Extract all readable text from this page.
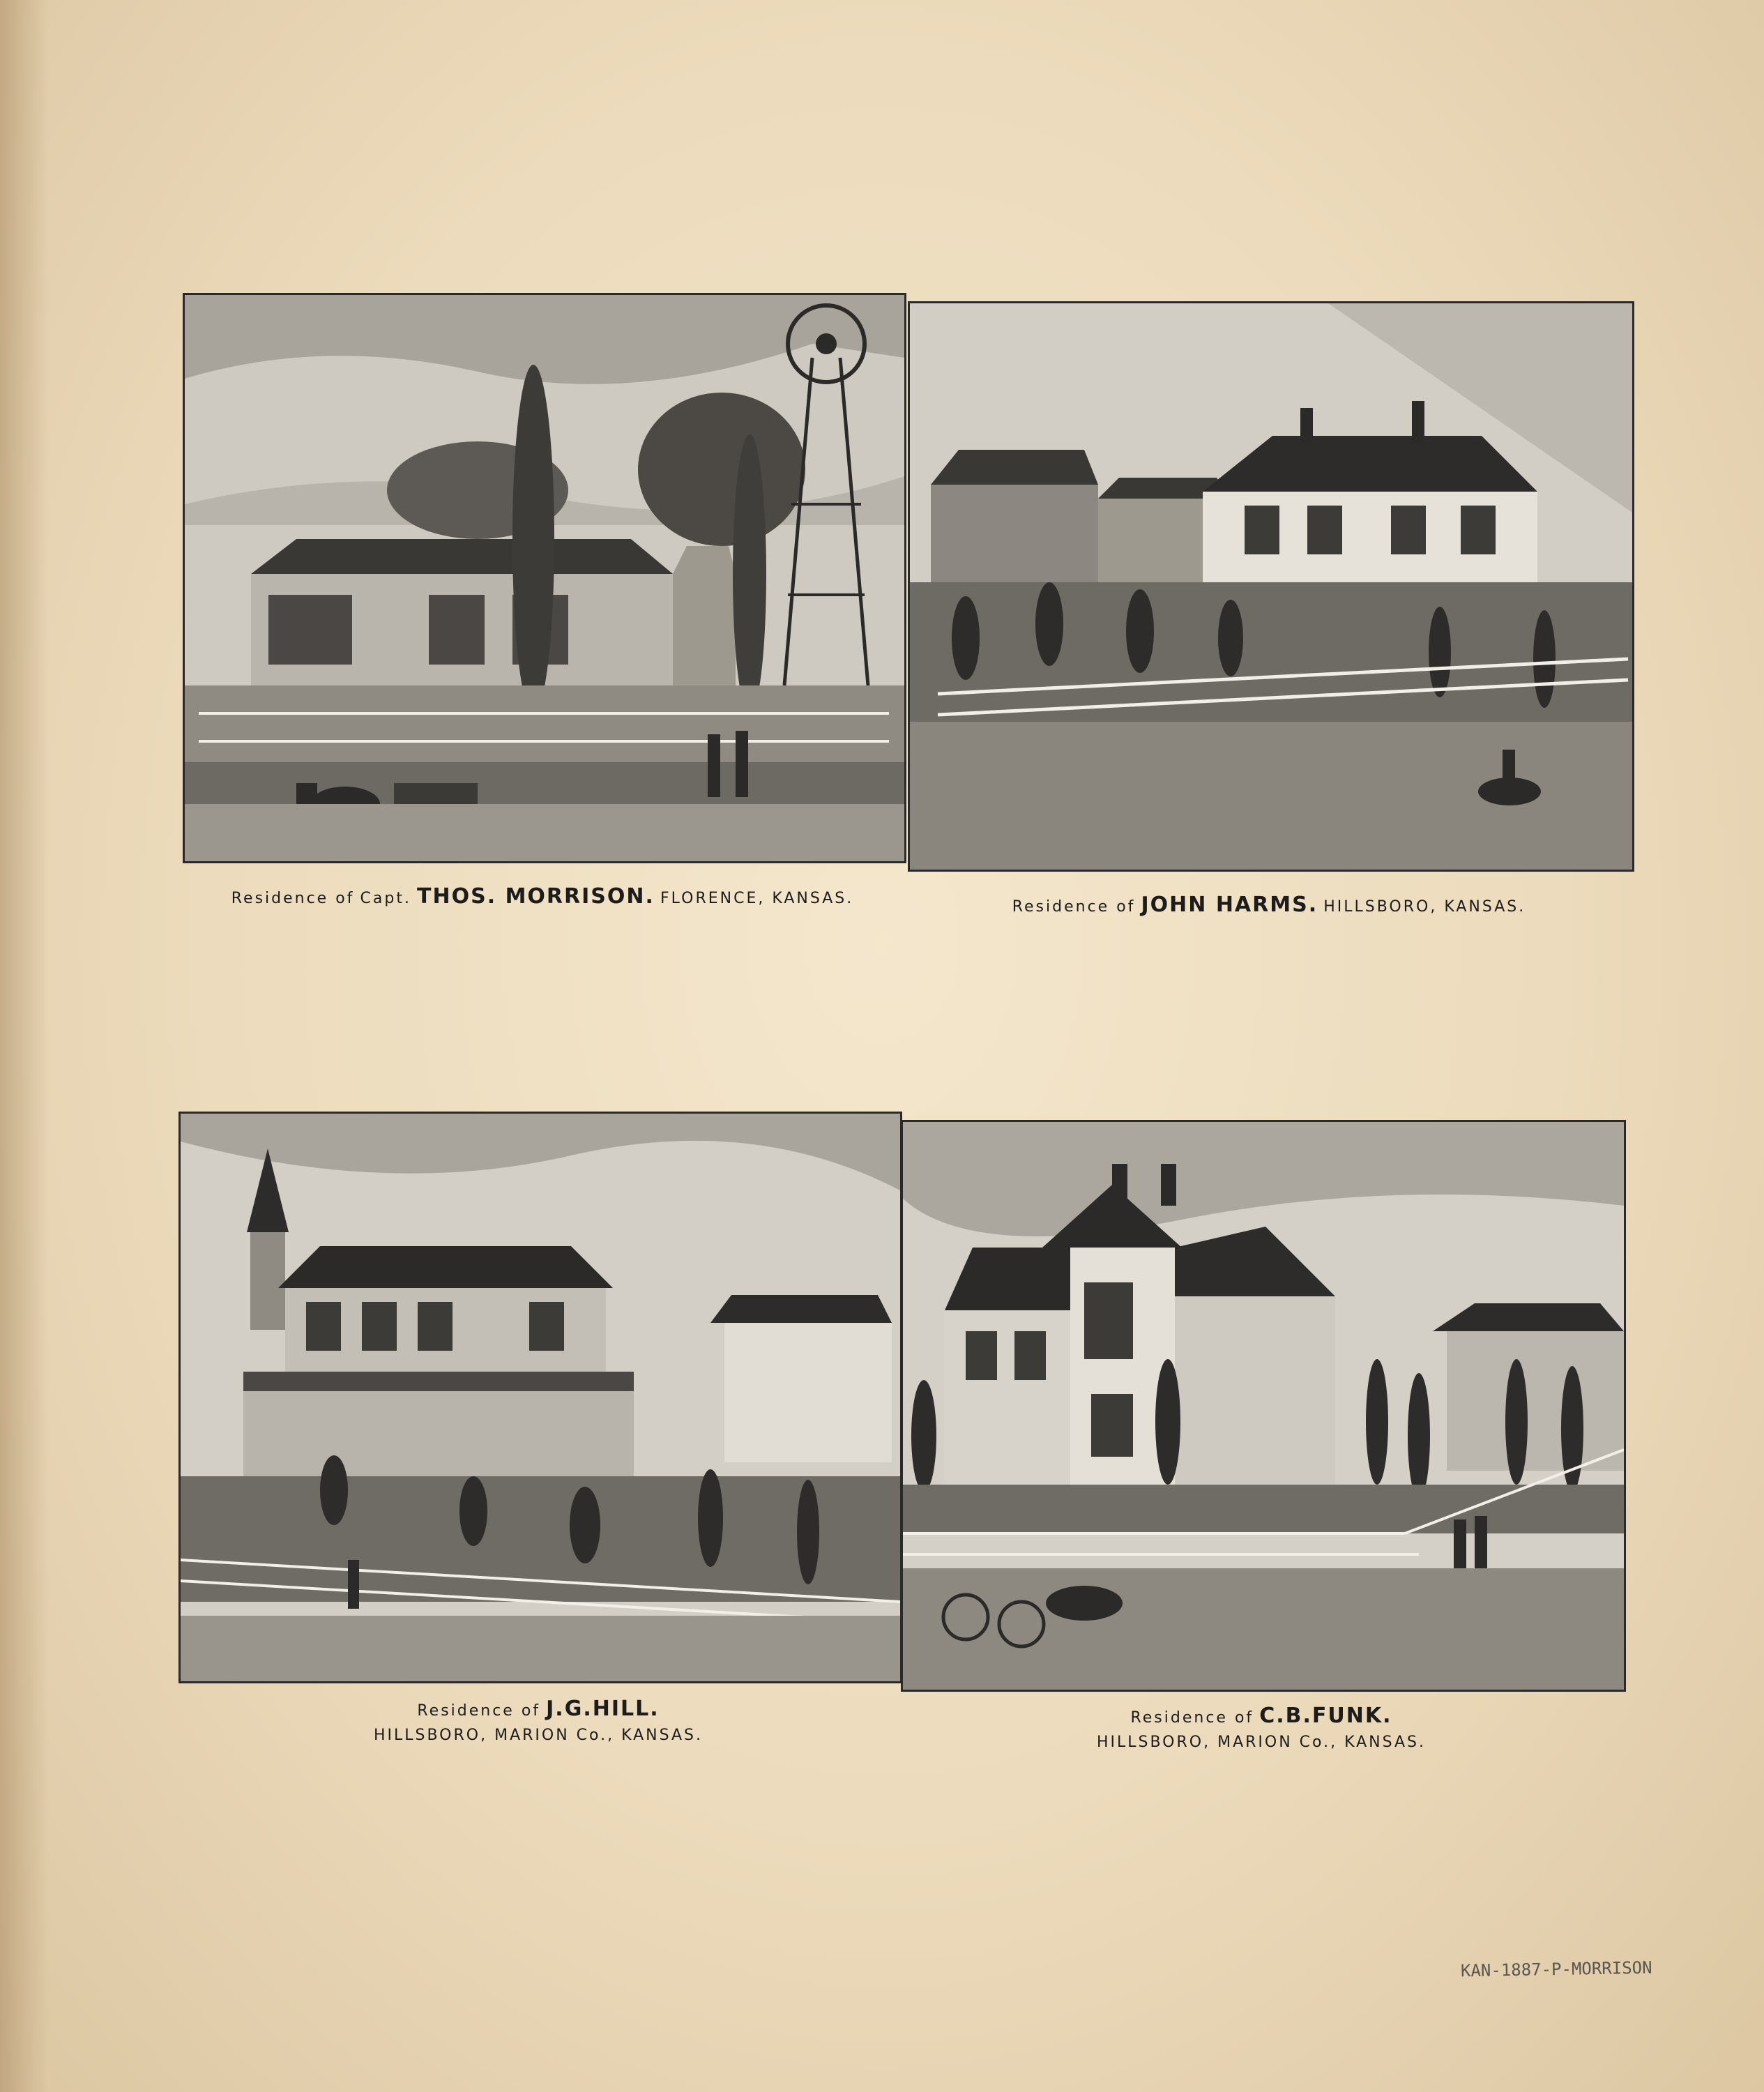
Residence of Capt. THOS. MORRISON. FLORENCE, KANSAS.	Residence of JOHN HARMS. HILLSBORO, KANSAS.
Residence of J.G.HILL.
HILLSBORO, MARION Co., KANSAS.
Residence of C.B.FUNK.
HILLSBORO, MARION Co., KANSAS.
KAN-1887-P-MORRISON
